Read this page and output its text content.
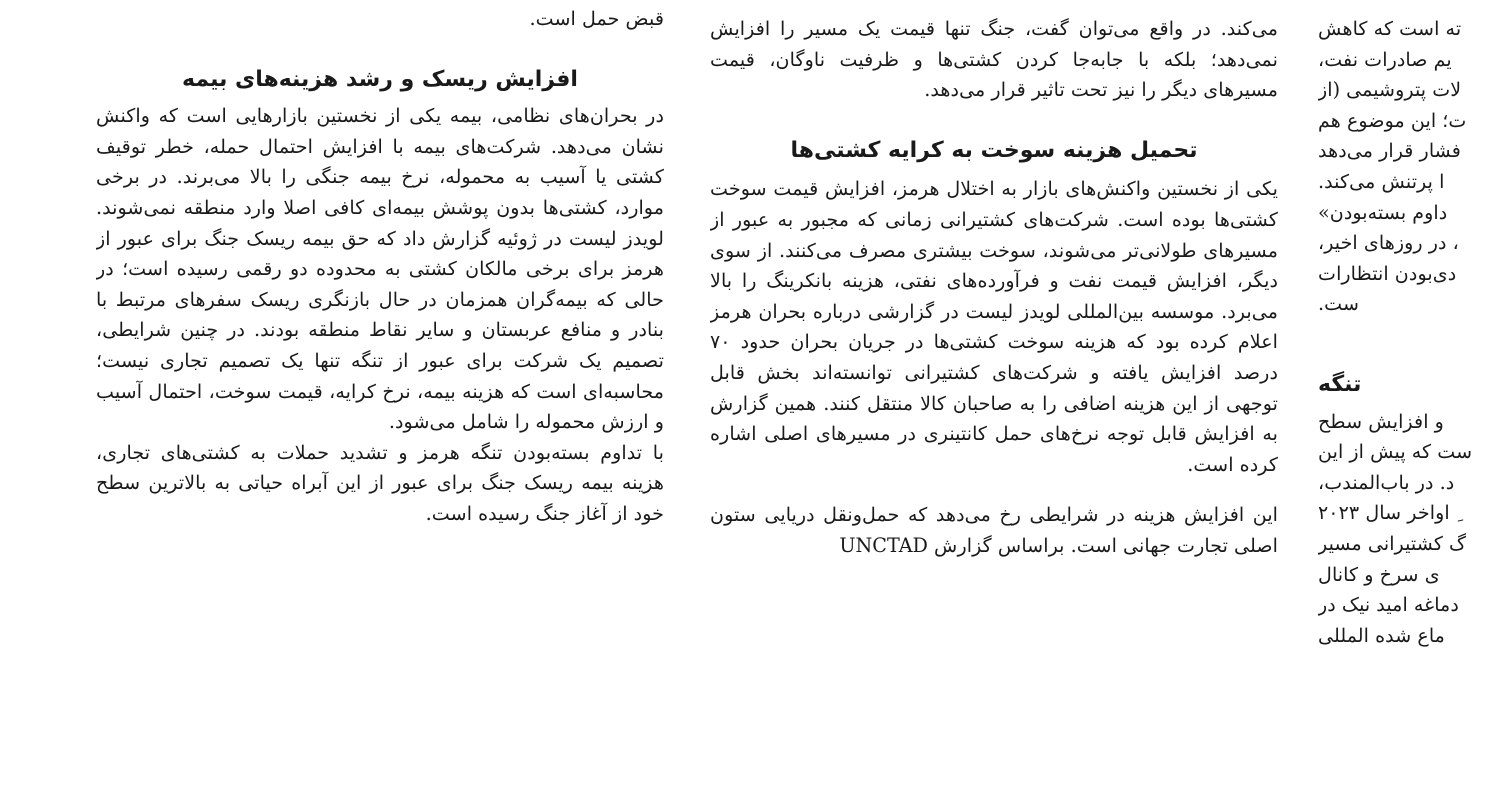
قبض حمل است.

افزایش ریسک و رشد هزینه‌های بیمه

در بحران‌های نظامی، بیمه یکی از نخستین بازارهایی است که واکنش نشان می‌دهد. شرکت‌های بیمه با افزایش احتمال حمله، خطر توقیف کشتی یا آسیب به محموله، نرخ بیمه جنگی را بالا می‌برند. در برخی موارد، کشتی‌ها بدون پوشش بیمه‌ای کافی اصلا وارد منطقه نمی‌شوند. لویدز لیست در ژوئیه گزارش داد که حق بیمه ریسک جنگ برای عبور از هرمز برای برخی مالکان کشتی به محدوده دو رقمی رسیده است؛ در حالی که بیمه‌گران همزمان در حال بازنگری ریسک سفرهای مرتبط با بنادر و منافع عربستان و سایر نقاط منطقه بودند. در چنین شرایطی، تصمیم یک شرکت برای عبور از تنگه تنها یک تصمیم تجاری نیست؛ محاسبه‌ای است که هزینه بیمه، نرخ کرایه، قیمت سوخت، احتمال آسیب و ارزش محموله را شامل می‌شود.

با تداوم بسته‌بودن تنگه هرمز و تشدید حملات به کشتی‌های تجاری، هزینه بیمه ریسک جنگ برای عبور از این آبراه حیاتی به بالاترین سطح خود از آغاز جنگ رسیده است.

می‌کند. در واقع می‌توان گفت، جنگ تنها قیمت یک مسیر را افزایش نمی‌دهد؛ بلکه با جابه‌جا کردن کشتی‌ها و ظرفیت ناوگان، قیمت مسیرهای دیگر را نیز تحت تاثیر قرار می‌دهد.

تحمیل هزینه سوخت به کرایه کشتی‌ها

یکی از نخستین واکنش‌های بازار به اختلال هرمز، افزایش قیمت سوخت کشتی‌ها بوده است. شرکت‌های کشتیرانی زمانی که مجبور به عبور از مسیرهای طولانی‌تر می‌شوند، سوخت بیشتری مصرف می‌کنند. از سوی دیگر، افزایش قیمت نفت و فرآورده‌های نفتی، هزینه بانکرینگ را بالا می‌برد. موسسه بین‌المللی لویدز لیست در گزارشی درباره بحران هرمز اعلام کرده بود که هزینه سوخت کشتی‌ها در جریان بحران حدود ۷۰ درصد افزایش یافته و شرکت‌های کشتیرانی توانسته‌اند بخش قابل توجهی از این هزینه اضافی را به صاحبان کالا منتقل کنند. همین گزارش به افزایش قابل توجه نرخ‌های حمل کانتینری در مسیرهای اصلی اشاره کرده است.

این افزایش هزینه در شرایطی رخ می‌دهد که حمل‌ونقل دریایی ستون اصلی تجارت جهانی است. براساس گزارش UNCTAD

ته است که کاهش

یم صادرات نفت،

لات پتروشیمی (از

ت؛ این موضوع هم

فشار قرار می‌دهد

ا پرتنش می‌کند.

داوم بسته‌بودن»

، در روزهای اخیر،

دی‌بودن انتظارات

ست.

تنگه

و افزایش سطح

ست که پیش از این

د. در باب‌المندب،

ِ اواخر سال ۲۰۲۳

گ کشتیرانی مسیر

ی سرخ و کانال

دماغه امید نیک در

ماع شده المللی
